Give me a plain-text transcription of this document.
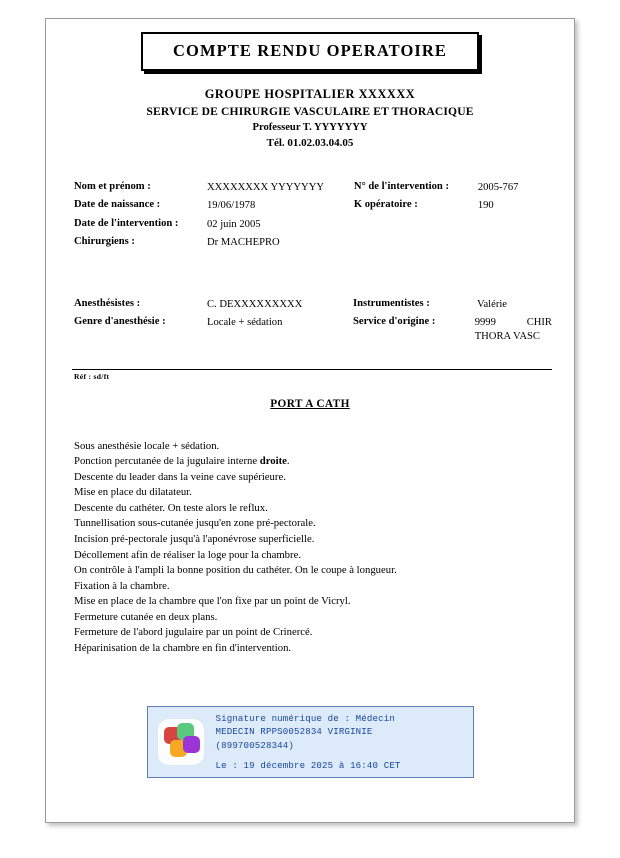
COMPTE RENDU OPERATOIRE
GROUPE HOSPITALIER XXXXXX
SERVICE DE CHIRURGIE VASCULAIRE ET THORACIQUE
Professeur T. YYYYYYY
Tél. 01.02.03.04.05
Nom et prénom :	XXXXXXXX YYYYYYY
Date de naissance :	19/06/1978
Date de l'intervention :	02 juin 2005
Chirurgiens :	Dr MACHEPRO
N° de l'intervention :	2005-767
K opératoire :	190
Anesthésistes :	C. DEXXXXXXXXX
Genre d'anesthésie :	Locale + sédation
Instrumentistes :	Valérie
Service d'origine :	9999	CHIR
THORA VASC
Réf : sd/ft
PORT A CATH
Sous anesthésie locale + sédation.
Ponction percutanée de la jugulaire interne droite.
Descente du leader dans la veine cave supérieure.
Mise en place du dilatateur.
Descente du cathéter. On teste alors le reflux.
Tunnellisation sous-cutanée jusqu'en zone pré-pectorale.
Incision pré-pectorale jusqu'à l'aponévrose superficielle.
Décollement afin de réaliser la loge pour la chambre.
On contrôle à l'ampli la bonne position du cathéter. On le coupe à longueur.
Fixation à la chambre.
Mise en place de la chambre que l'on fixe par un point de Vicryl.
Fermeture cutanée en deux plans.
Fermeture de l'abord jugulaire par un point de Crinercé.
Héparinisation de la chambre en fin d'intervention.
Signature numérique de : Médecin
MEDECIN RPPS0052834 VIRGINIE
(899700528344)
Le : 19 décembre 2025 à 16:40 CET
